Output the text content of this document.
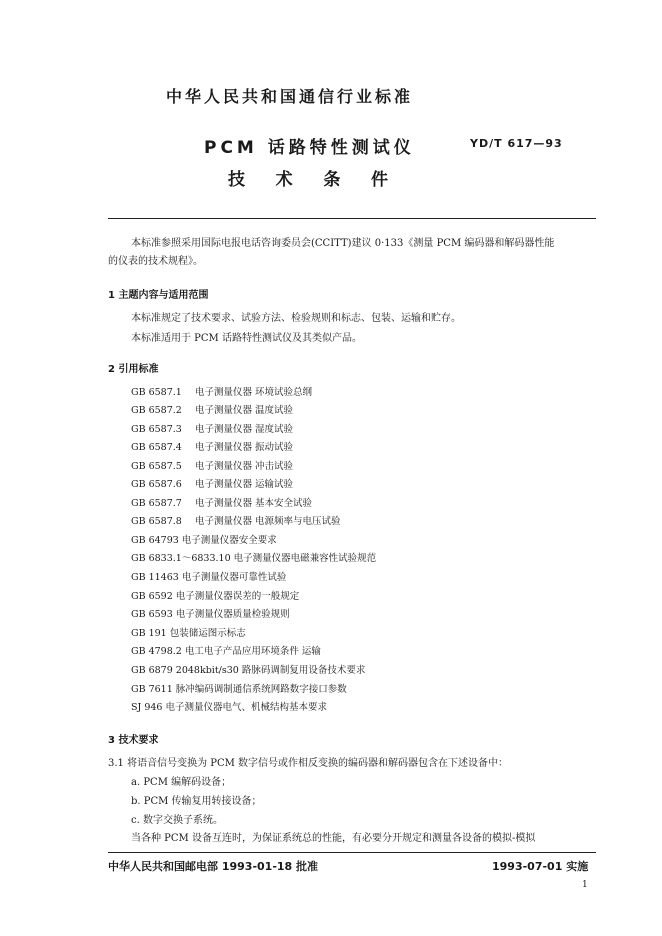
中华人民共和国通信行业标准
PCM 话路特性测试仪
技 术 条 件
YD/T 617—93
本标准参照采用国际电报电话咨询委员会(CCITT)建议 0·133《测量 PCM 编码器和解码器性能
的仪表的技术规程》。
1 主题内容与适用范围
本标准规定了技术要求、试验方法、检验规则和标志、包装、运输和贮存。
本标准适用于 PCM 话路特性测试仪及其类似产品。
2 引用标准
GB 6587.1 电子测量仪器 环境试验总纲
GB 6587.2 电子测量仪器 温度试验
GB 6587.3 电子测量仪器 湿度试验
GB 6587.4 电子测量仪器 振动试验
GB 6587.5 电子测量仪器 冲击试验
GB 6587.6 电子测量仪器 运输试验
GB 6587.7 电子测量仪器 基本安全试验
GB 6587.8 电子测量仪器 电源频率与电压试验
GB 6479З 电子测量仪器安全要求
GB 6833.1～6833.10 电子测量仪器电磁兼容性试验规范
GB 11463 电子测量仪器可靠性试验
GB 6592 电子测量仪器误差的一般规定
GB 6593 电子测量仪器质量检验规则
GB 191 包装储运图示标志
GB 4798.2 电工电子产品应用环境条件 运输
GB 6879 2048kbit/s30 路脉码调制复用设备技术要求
GB 7611 脉冲编码调制通信系统网路数字接口参数
SJ 946 电子测量仪器电气、机械结构基本要求
3 技术要求
3.1 将语音信号变换为 PCM 数字信号或作相反变换的编码器和解码器包含在下述设备中：
a. PCM 编解码设备；
b. PCM 传输复用转接设备；
c. 数字交换子系统。
当各种 PCM 设备互连时，为保证系统总的性能，有必要分开规定和测量各设备的模拟-模拟
中华人民共和国邮电部 1993-01-18 批准	1993-07-01 实施
1
